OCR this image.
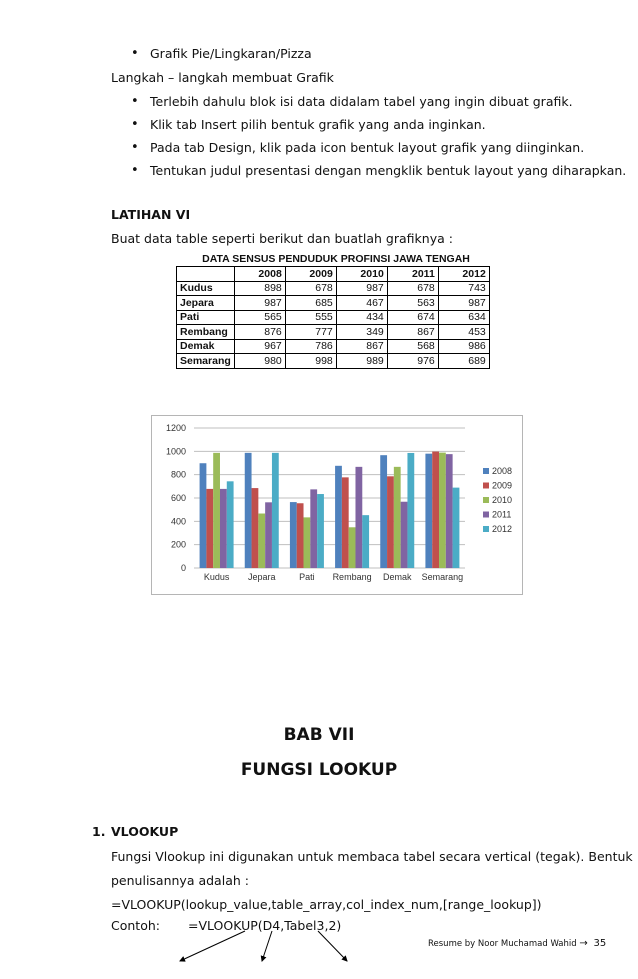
• Grafik Pie/Lingkaran/Pizza
Langkah – langkah membuat Grafik
• Terlebih dahulu blok isi data didalam tabel yang ingin dibuat grafik.
• Klik tab Insert pilih bentuk grafik yang anda inginkan.
• Pada tab Design, klik pada icon bentuk layout grafik yang diinginkan.
• Tentukan judul presentasi dengan mengklik bentuk layout yang diharapkan.
LATIHAN VI
Buat data table seperti berikut dan buatlah grafiknya :
DATA SENSUS PENDUDUK PROFINSI JAWA TENGAH
	2008	2009	2010	2011	2012
Kudus	898	678	987	678	743
Jepara	987	685	467	563	987
Pati	565	555	434	674	634
Rembang	876	777	349	867	453
Demak	967	786	867	568	986
Semarang	980	998	989	976	689
0
200
400
600
800
1000
1200
Kudus Jepara	Pati Rembang Demak Semarang
2008
2009
2010
2011
2012
BAB VII
FUNGSI LOOKUP
1. VLOOKUP
Fungsi Vlookup ini digunakan untuk membaca tabel secara vertical (tegak). Bentuk
penulisannya adalah :
=VLOOKUP(lookup_value,table_array,col_index_num,[range_lookup])
Contoh: =VLOOKUP(D4,Tabel3,2)
Resume by Noor Muchamad Wahid → 35
